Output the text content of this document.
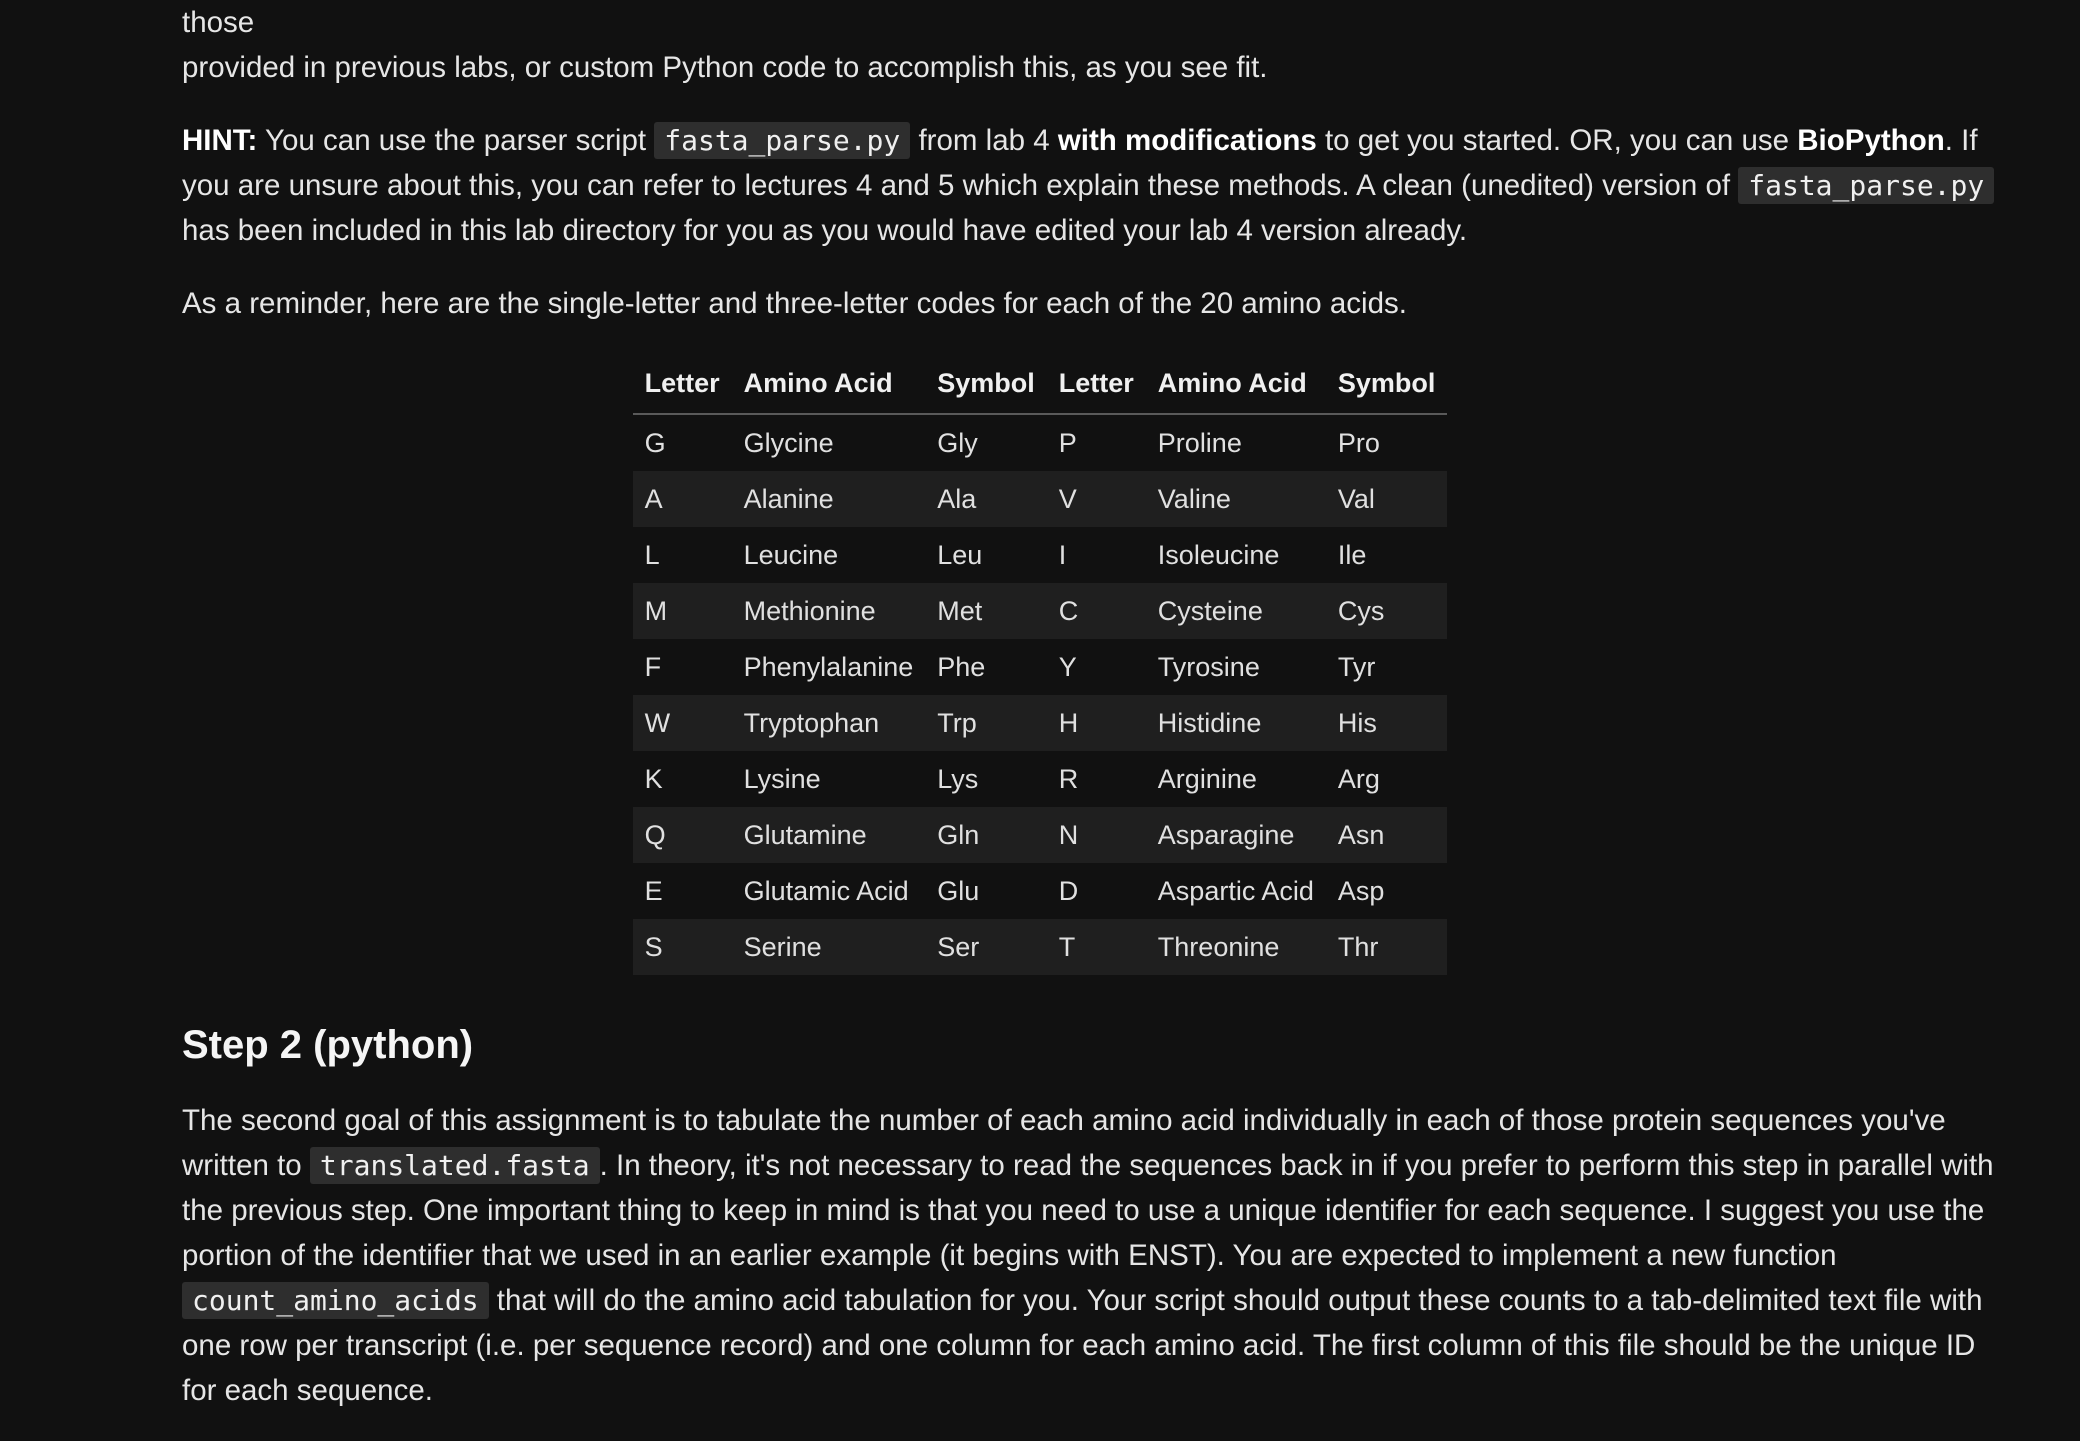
those
provided in previous labs, or custom Python code to accomplish this, as you see fit.

HINT: You can use the parser script fasta_parse.py from lab 4 with modifications to get you started. OR, you can use BioPython. If you are unsure about this, you can refer to lectures 4 and 5 which explain these methods. A clean (unedited) version of fasta_parse.py has been included in this lab directory for you as you would have edited your lab 4 version already.

As a reminder, here are the single-letter and three-letter codes for each of the 20 amino acids.

Letter	Amino Acid	Symbol	Letter	Amino Acid	Symbol
G	Glycine	Gly	P	Proline	Pro
A	Alanine	Ala	V	Valine	Val
L	Leucine	Leu	I	Isoleucine	Ile
M	Methionine	Met	C	Cysteine	Cys
F	Phenylalanine	Phe	Y	Tyrosine	Tyr
W	Tryptophan	Trp	H	Histidine	His
K	Lysine	Lys	R	Arginine	Arg
Q	Glutamine	Gln	N	Asparagine	Asn
E	Glutamic Acid	Glu	D	Aspartic Acid	Asp
S	Serine	Ser	T	Threonine	Thr
Step 2 (python)

The second goal of this assignment is to tabulate the number of each amino acid individually in each of those protein sequences you've written to translated.fasta . In theory, it's not necessary to read the sequences back in if you prefer to perform this step in parallel with the previous step. One important thing to keep in mind is that you need to use a unique identifier for each sequence. I suggest you use the portion of the identifier that we used in an earlier example (it begins with ENST). You are expected to implement a new function count_amino_acids that will do the amino acid tabulation for you. Your script should output these counts to a tab-delimited text file with one row per transcript (i.e. per sequence record) and one column for each amino acid. The first column of this file should be the unique ID for each sequence.
